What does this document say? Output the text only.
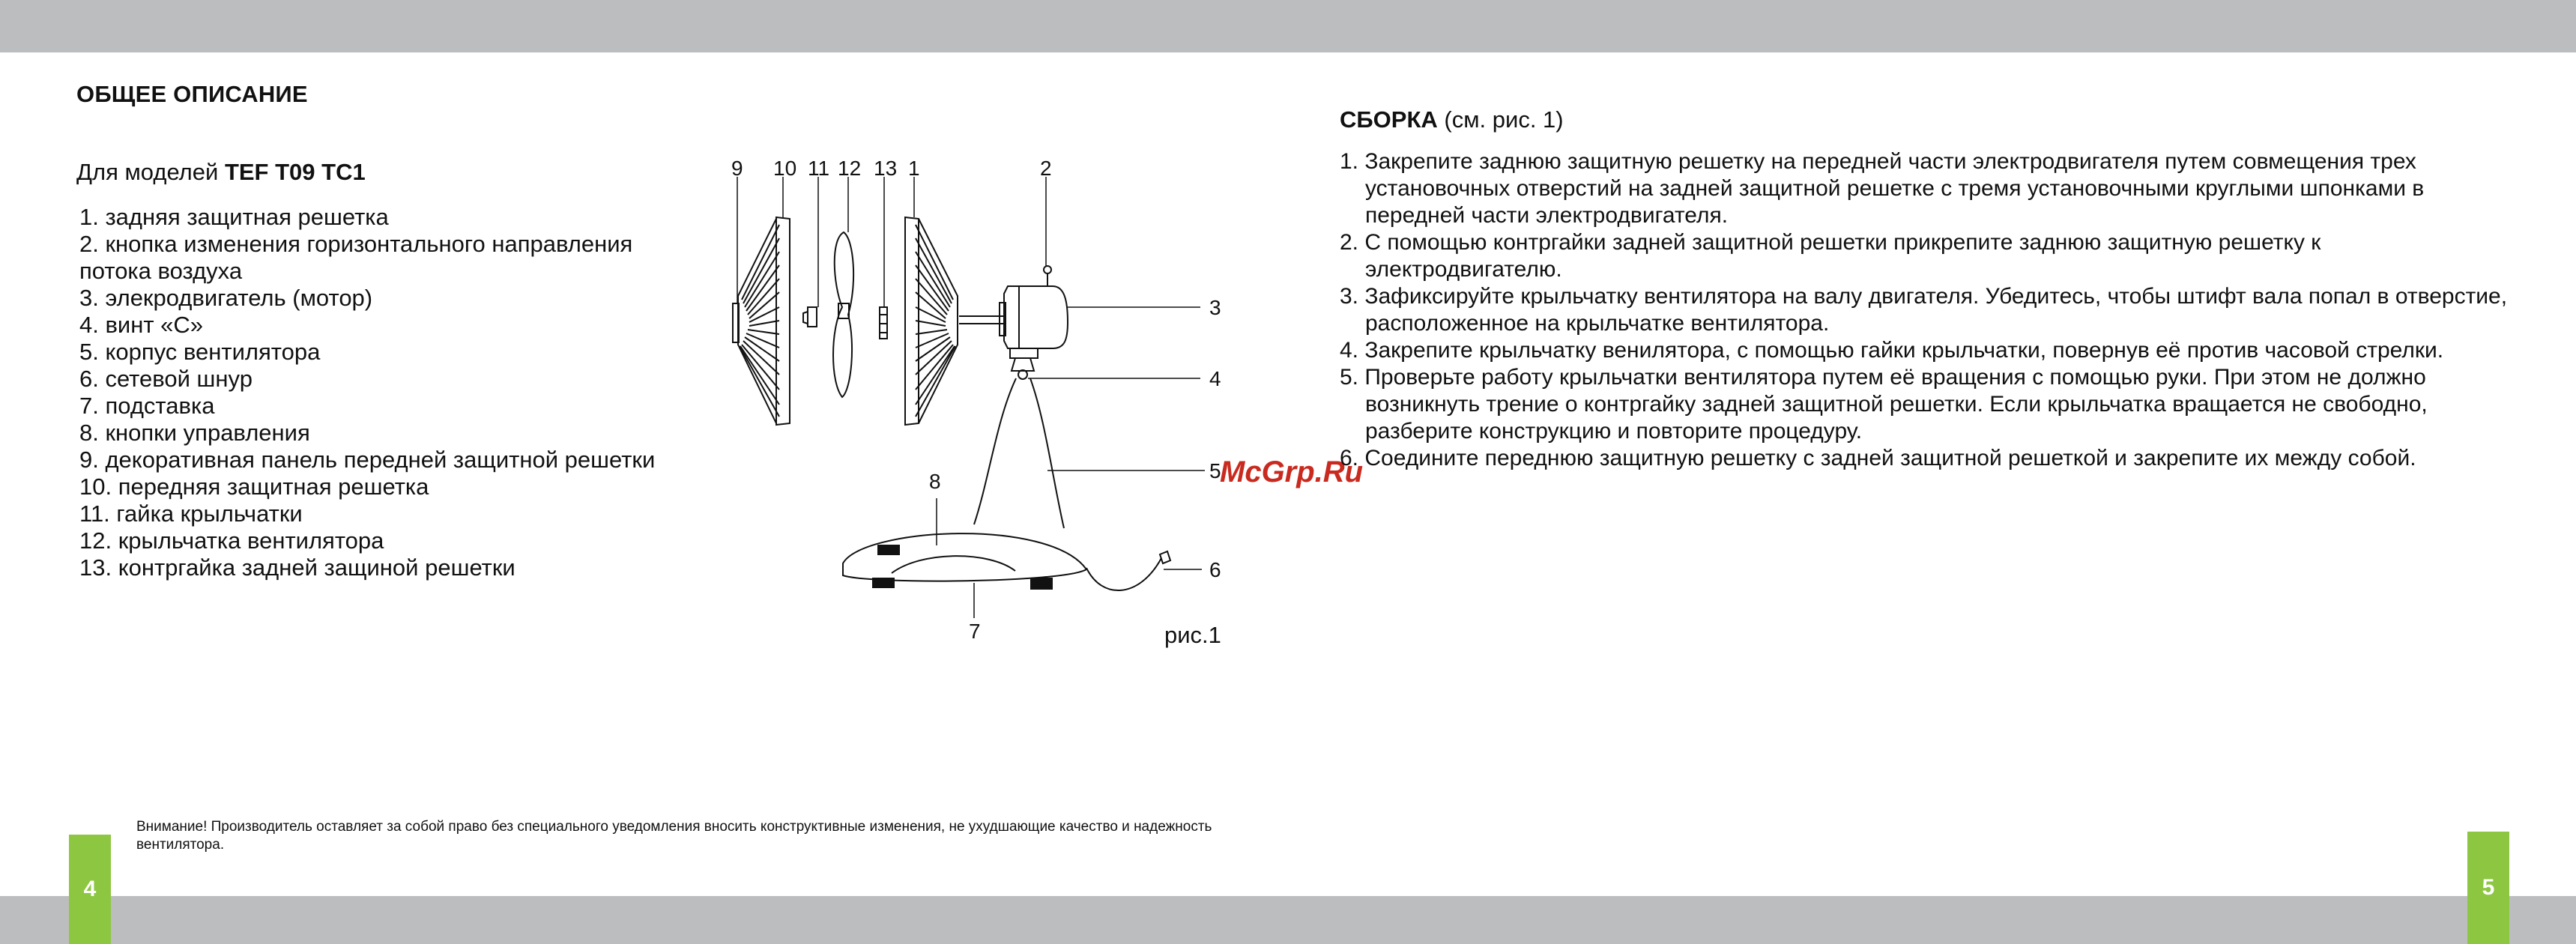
4	5
ОБЩЕЕ ОПИСАНИЕ
Для моделей TEF T09 TC1
1. задняя защитная решетка
2. кнопка изменения горизонтального направления потока воздуха
3. элекродвигатель (мотор)
4. винт «С»
5. корпус вентилятора
6. сетевой шнур
7. подставка
8. кнопки управления
9. декоративная панель передней защитной решетки
10. передняя защитная решетка
11. гайка крыльчатки
12. крыльчатка вентилятора
13. контргайка задней защиной решетки
9 10 11 12 13 1	2
3
4
5
6
7
8
рис.1
McGrp.Ru
СБОРКА (см. рис. 1)
1. Закрепите заднюю защитную решетку на передней части электродвигателя путем совмещения трех установочных отверстий на задней защитной решетке с тремя установочными круглыми шпонками в передней части электродвигателя.
2. С помощью контргайки задней защитной решетки прикрепите заднюю защитную решетку к электродвигателю.
3. Зафиксируйте крыльчатку вентилятора на валу двигателя. Убедитесь, чтобы штифт вала попал в отверстие, расположенное на крыльчатке вентилятора.
4. Закрепите крыльчатку венилятора, с помощью гайки крыльчатки, повернув её против часовой стрелки.
5. Проверьте работу крыльчатки вентилятора путем её вращения с помощью руки. При этом не должно возникнуть трение о контргайку задней защитной решетки. Если крыльчатка вращается не свободно, разберите конструкцию и повторите процедуру.
6. Соедините переднюю защитную решетку с задней защитной решеткой и закрепите их между собой.
Внимание! Производитель оставляет за собой право без специального уведомления вносить конструктивные изменения, не ухудшающие качество и надежность вентилятора.
